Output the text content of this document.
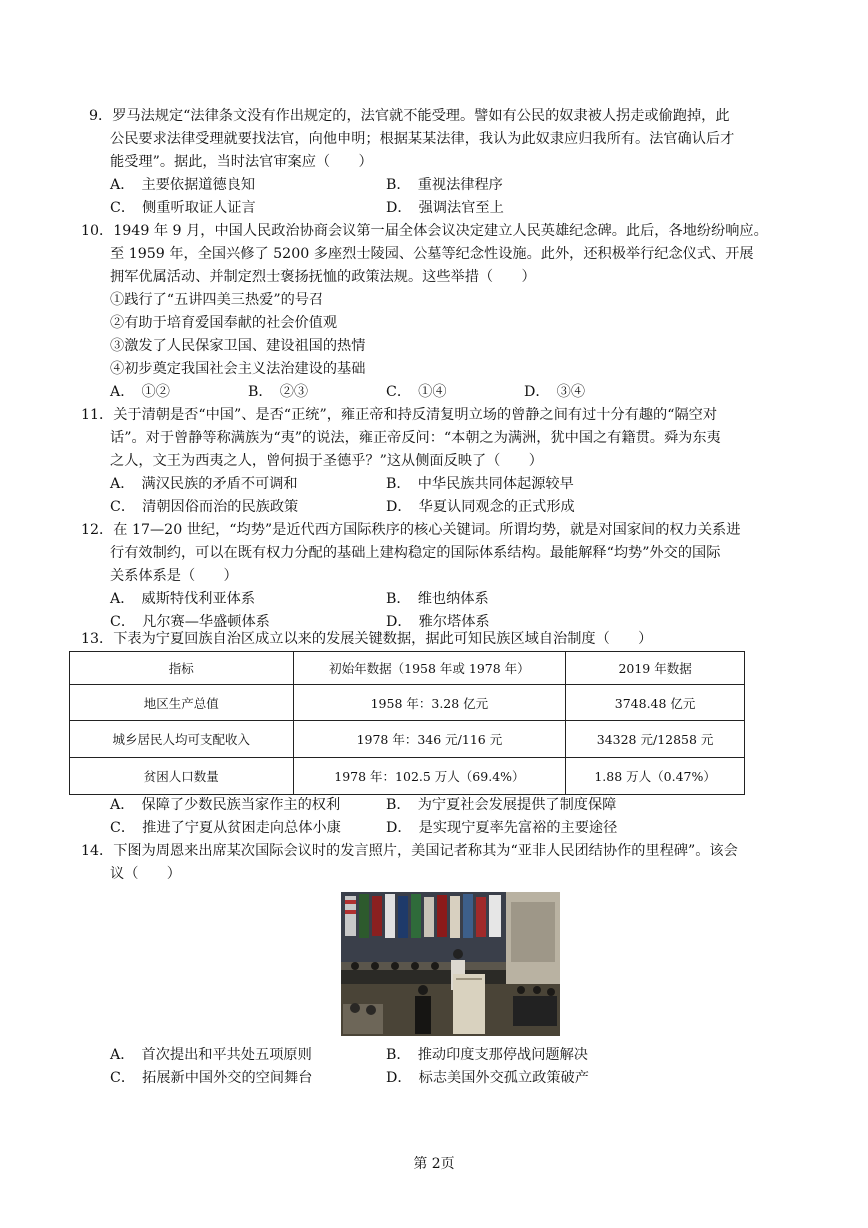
9．罗马法规定“法律条文没有作出规定的，法官就不能受理。譬如有公民的奴隶被人拐走或偷跑掉，此
公民要求法律受理就要找法官，向他申明；根据某某法律，我认为此奴隶应归我所有。法官确认后才
能受理”。据此，当时法官审案应（　　）
A．　主要依据道德良知	B．　重视法律程序
C．　侧重听取证人证言	D．　强调法官至上
10．1949 年 9 月，中国人民政治协商会议第一届全体会议决定建立人民英雄纪念碑。此后，各地纷纷响应。
至 1959 年，全国兴修了 5200 多座烈士陵园、公墓等纪念性设施。此外，还积极举行纪念仪式、开展
拥军优属活动、并制定烈士褒扬抚恤的政策法规。这些举措（　　）
①践行了“五讲四美三热爱”的号召
②有助于培育爱国奉献的社会价值观
③激发了人民保家卫国、建设祖国的热情
④初步奠定我国社会主义法治建设的基础
A．　①②	B．　②③	C．　①④	D．　③④
11．关于清朝是否“中国”、是否“正统”，雍正帝和持反清复明立场的曾静之间有过十分有趣的“隔空对
话”。对于曾静等称满族为“夷”的说法，雍正帝反问：“本朝之为满洲，犹中国之有籍贯。舜为东夷
之人，文王为西夷之人，曾何损于圣德乎？”这从侧面反映了（　　）
A．　满汉民族的矛盾不可调和	B．　中华民族共同体起源较早
C．　清朝因俗而治的民族政策	D．　华夏认同观念的正式形成
12．在 17—20 世纪，“均势”是近代西方国际秩序的核心关键词。所谓均势，就是对国家间的权力关系进
行有效制约，可以在既有权力分配的基础上建构稳定的国际体系结构。最能解释“均势”外交的国际
关系体系是（　　）
A．　威斯特伐利亚体系	B．　维也纳体系
C．　凡尔赛—华盛顿体系	D．　雅尔塔体系
13．下表为宁夏回族自治区成立以来的发展关键数据，据此可知民族区域自治制度（　　）
指标	初始年数据（1958 年或 1978 年）	2019 年数据
地区生产总值	1958 年：3.28 亿元	3748.48 亿元
城乡居民人均可支配收入	1978 年：346 元/116 元	34328 元/12858 元
贫困人口数量	1978 年：102.5 万人（69.4%）	1.88 万人（0.47%）
A．　保障了少数民族当家作主的权利	B．　为宁夏社会发展提供了制度保障
C．　推进了宁夏从贫困走向总体小康	D．　是实现宁夏率先富裕的主要途径
14．下图为周恩来出席某次国际会议时的发言照片，美国记者称其为“亚非人民团结协作的里程碑”。该会
议（　　）
A．　首次提出和平共处五项原则	B．　推动印度支那停战问题解决
C．　拓展新中国外交的空间舞台	D．　标志美国外交孤立政策破产
第 2页
